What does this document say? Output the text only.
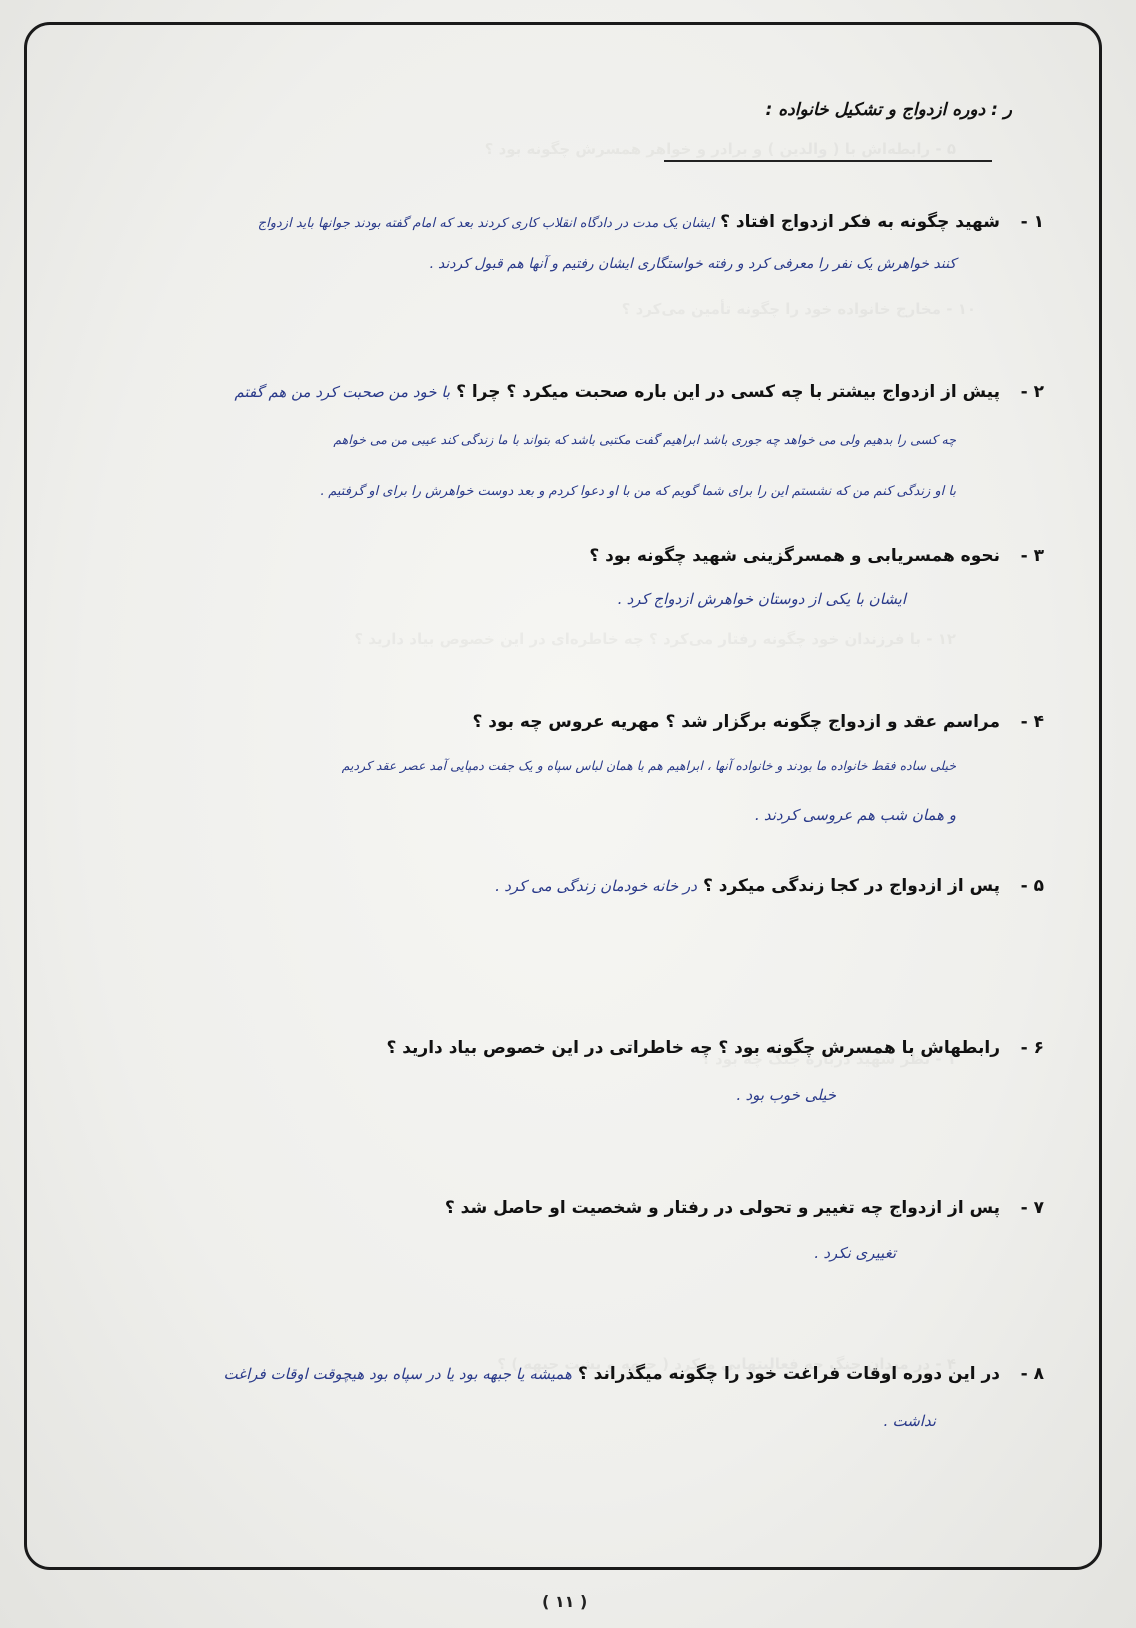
ر : دوره ازدواج و تشکیل خانواده :
۱ -
شهید چگونه به فکر ازدواج افتاد ؟ایشان یک مدت در دادگاه انقلاب کاری کردند بعد که امام گفته بودند جوانها باید ازدواج
کنند خواهرش یک نفر را معرفی کرد و رفته خواستگاری ایشان رفتیم و آنها هم قبول کردند .
۲ -
پیش از ازدواج بیشتر با چه کسی در این باره صحبت میکرد ؟ چرا ؟با خود من صحبت کرد من هم گفتم
چه کسی را بدهیم ولی می خواهد چه جوری باشد ابراهیم گفت مکتبی باشد که بتواند با ما زندگی کند عیبی من می خواهم
با او زندگی کنم من که نشستم این را برای شما گویم که من با او دعوا کردم و بعد دوست خواهرش را برای او گرفتیم .
۳ -
نحوه همسریابی و همسرگزینی شهید چگونه بود ؟
ایشان با یکی از دوستان خواهرش ازدواج کرد .
۴ -
مراسم عقد و ازدواج چگونه برگزار شد ؟ مهریه عروس چه بود ؟
خیلی ساده فقط خانواده ما بودند و خانواده آنها ، ابراهیم هم با همان لباس سپاه و یک جفت دمپایی آمد عصر عقد کردیم
و همان شب هم عروسی کردند .
۵ -
پس از ازدواج در کجا زندگی میکرد ؟در خانه خودمان زندگی می کرد .
۶ -
رابطهاش با همسرش چگونه بود ؟ چه خاطراتی در این خصوص بیاد دارید ؟
خیلی خوب بود .
۷ -
پس از ازدواج چه تغییر و تحولی در رفتار و شخصیت او حاصل شد ؟
تغییری نکرد .
۸ -
در این دوره اوقات فراغت خود را چگونه میگذراند ؟همیشه یا جبهه بود یا در سپاه بود هیچوقت اوقات فراغت
نداشت .
( ۱۱ )
